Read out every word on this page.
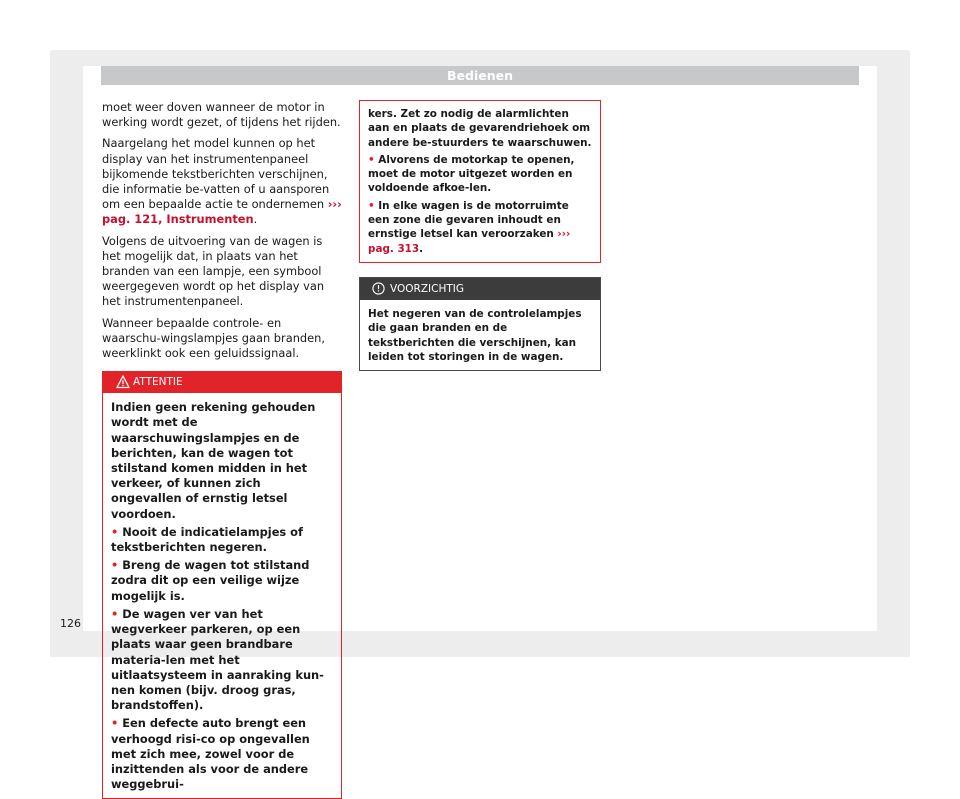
Bedienen

moet weer doven wanneer de motor in werking wordt gezet, of tijdens het rijden.

Naargelang het model kunnen op het display van het instrumentenpaneel bijkomende tekstberichten verschijnen, die informatie be-vatten of u aansporen om een bepaalde actie te ondernemen ››› pag. 121, Instrumenten.

Volgens de uitvoering van de wagen is het mogelijk dat, in plaats van het branden van een lampje, een symbool weergegeven wordt op het display van het instrumentenpaneel.

Wanneer bepaalde controle- en waarschu-wingslampjes gaan branden, weerklinkt ook een geluidssignaal.

ATTENTIE

Indien geen rekening gehouden wordt met de waarschuwingslampjes en de berichten, kan de wagen tot stilstand komen midden in het verkeer, of kunnen zich ongevallen of ernstig letsel voordoen.

• Nooit de indicatielampjes of tekstberichten negeren.

• Breng de wagen tot stilstand zodra dit op een veilige wijze mogelijk is.

• De wagen ver van het wegverkeer parkeren, op een plaats waar geen brandbare materia-len met het uitlaatsysteem in aanraking kun-nen komen (bijv. droog gras, brandstoffen).

• Een defecte auto brengt een verhoogd risi-co op ongevallen met zich mee, zowel voor de inzittenden als voor de andere weggebrui-

kers. Zet zo nodig de alarmlichten aan en plaats de gevarendriehoek om andere be-stuurders te waarschuwen.

• Alvorens de motorkap te openen, moet de motor uitgezet worden en voldoende afkoe-len.

• In elke wagen is de motorruimte een zone die gevaren inhoudt en ernstige letsel kan veroorzaken ››› pag. 313.

VOORZICHTIG

Het negeren van de controlelampjes die gaan branden en de tekstberichten die verschijnen, kan leiden tot storingen in de wagen.

126
